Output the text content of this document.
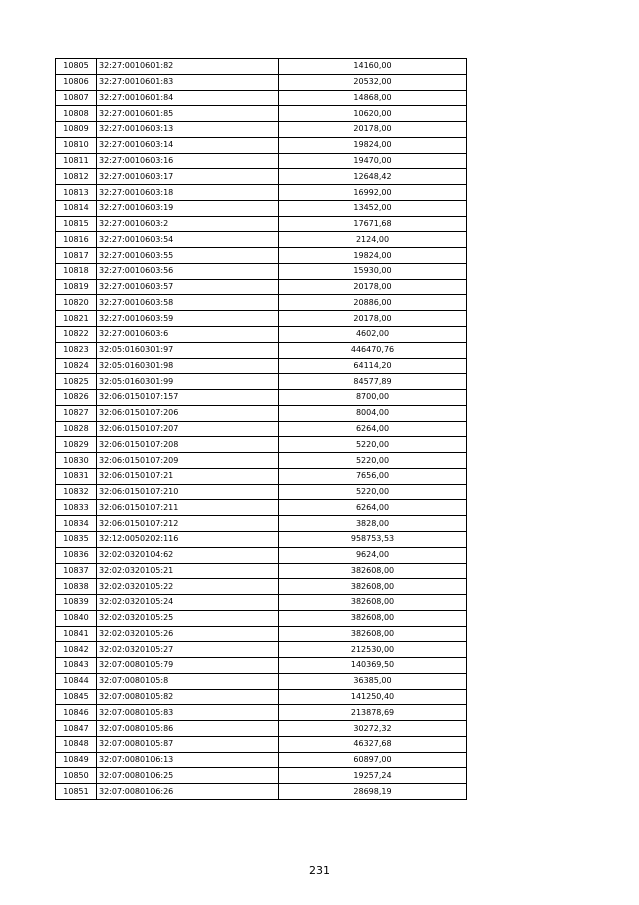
10805	32:27:0010601:82	14160,00
10806	32:27:0010601:83	20532,00
10807	32:27:0010601:84	14868,00
10808	32:27:0010601:85	10620,00
10809	32:27:0010603:13	20178,00
10810	32:27:0010603:14	19824,00
10811	32:27:0010603:16	19470,00
10812	32:27:0010603:17	12648,42
10813	32:27:0010603:18	16992,00
10814	32:27:0010603:19	13452,00
10815	32:27:0010603:2	17671,68
10816	32:27:0010603:54	2124,00
10817	32:27:0010603:55	19824,00
10818	32:27:0010603:56	15930,00
10819	32:27:0010603:57	20178,00
10820	32:27:0010603:58	20886,00
10821	32:27:0010603:59	20178,00
10822	32:27:0010603:6	4602,00
10823	32:05:0160301:97	446470,76
10824	32:05:0160301:98	64114,20
10825	32:05:0160301:99	84577,89
10826	32:06:0150107:157	8700,00
10827	32:06:0150107:206	8004,00
10828	32:06:0150107:207	6264,00
10829	32:06:0150107:208	5220,00
10830	32:06:0150107:209	5220,00
10831	32:06:0150107:21	7656,00
10832	32:06:0150107:210	5220,00
10833	32:06:0150107:211	6264,00
10834	32:06:0150107:212	3828,00
10835	32:12:0050202:116	958753,53
10836	32:02:0320104:62	9624,00
10837	32:02:0320105:21	382608,00
10838	32:02:0320105:22	382608,00
10839	32:02:0320105:24	382608,00
10840	32:02:0320105:25	382608,00
10841	32:02:0320105:26	382608,00
10842	32:02:0320105:27	212530,00
10843	32:07:0080105:79	140369,50
10844	32:07:0080105:8	36385,00
10845	32:07:0080105:82	141250,40
10846	32:07:0080105:83	213878,69
10847	32:07:0080105:86	30272,32
10848	32:07:0080105:87	46327,68
10849	32:07:0080106:13	60897,00
10850	32:07:0080106:25	19257,24
10851	32:07:0080106:26	28698,19
231
